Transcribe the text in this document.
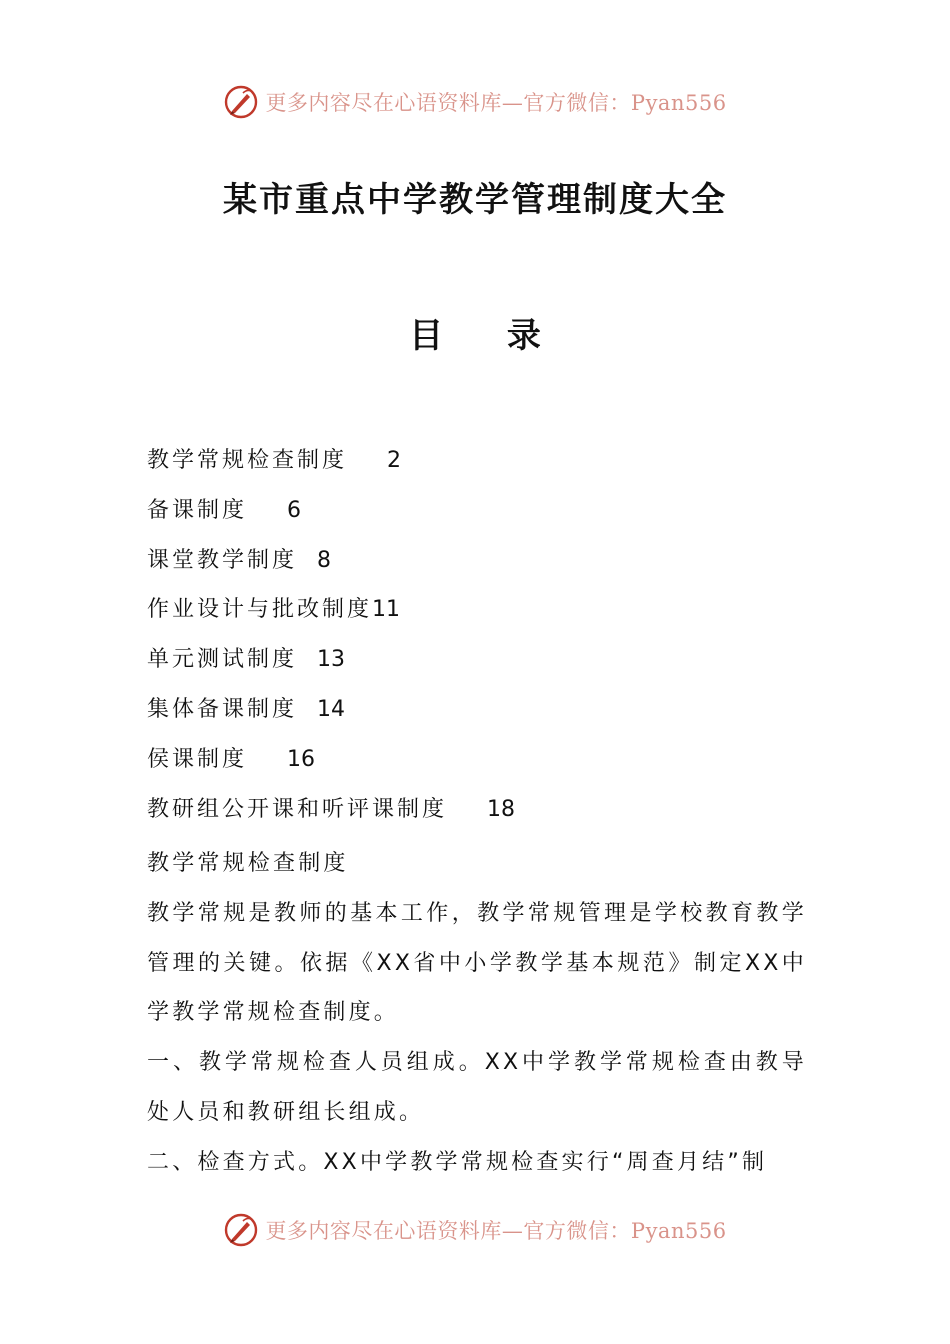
更多内容尽在心语资料库—官方微信：Pyan556
某市重点中学教学管理制度大全
目 录
教学常规检查制度 2
备课制度 6
课堂教学制度 8
作业设计与批改制度11
单元测试制度 13
集体备课制度 14
侯课制度 16
教研组公开课和听评课制度 18

教学常规检查制度

教学常规是教师的基本工作，教学常规管理是学校教育教学管理的关键。依据《XX省中小学教学基本规范》制定XX中学教学常规检查制度。

一、教学常规检查人员组成。XX中学教学常规检查由教导处人员和教研组长组成。

二、检查方式。XX中学教学常规检查实行“周查月结”制

更多内容尽在心语资料库—官方微信：Pyan556
